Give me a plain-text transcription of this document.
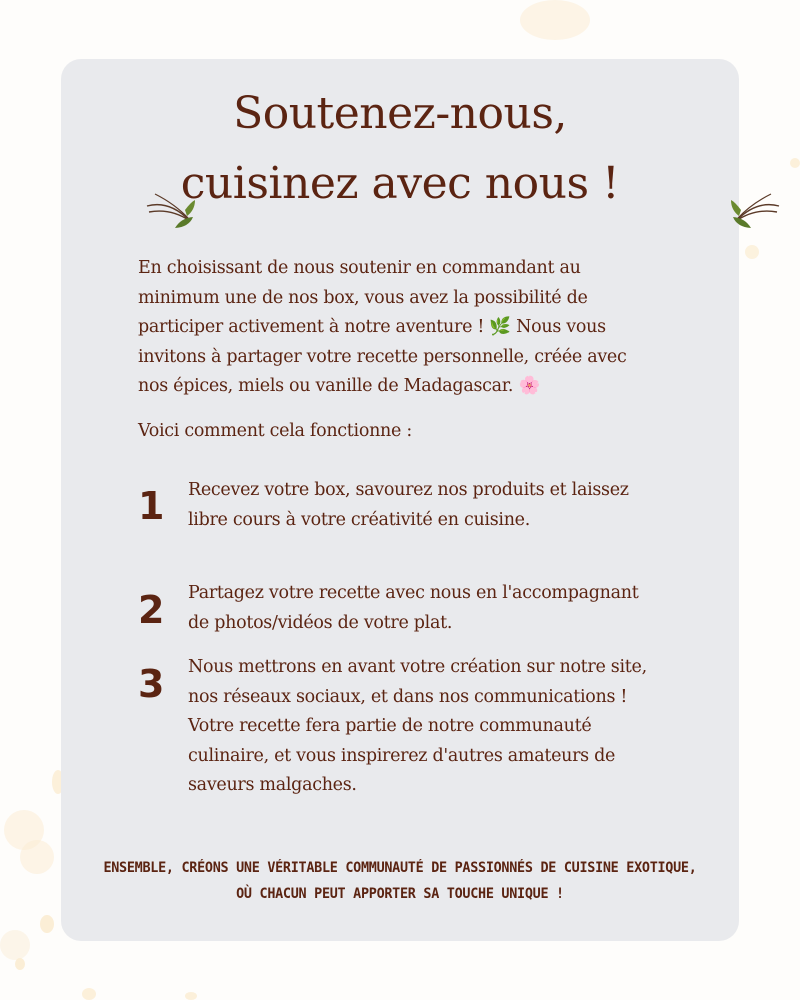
Soutenez-nous,
cuisinez avec nous !

En choisissant de nous soutenir en commandant au minimum une de nos box, vous avez la possibilité de participer activement à notre aventure ! 🌿 Nous vous invitons à partager votre recette personnelle, créée avec nos épices, miels ou vanille de Madagascar. 🌸

Voici comment cela fonctionne :

1	Recevez votre box, savourez nos produits et laissez libre cours à votre créativité en cuisine.

2	Partagez votre recette avec nous en l'accompagnant de photos/vidéos de votre plat.

3	Nous mettrons en avant votre création sur notre site, nos réseaux sociaux, et dans nos communications ! Votre recette fera partie de notre communauté culinaire, et vous inspirerez d'autres amateurs de saveurs malgaches.

ENSEMBLE, CRÉONS UNE VÉRITABLE COMMUNAUTÉ DE PASSIONNÉS DE CUISINE EXOTIQUE, OÙ CHACUN PEUT APPORTER SA TOUCHE UNIQUE !
